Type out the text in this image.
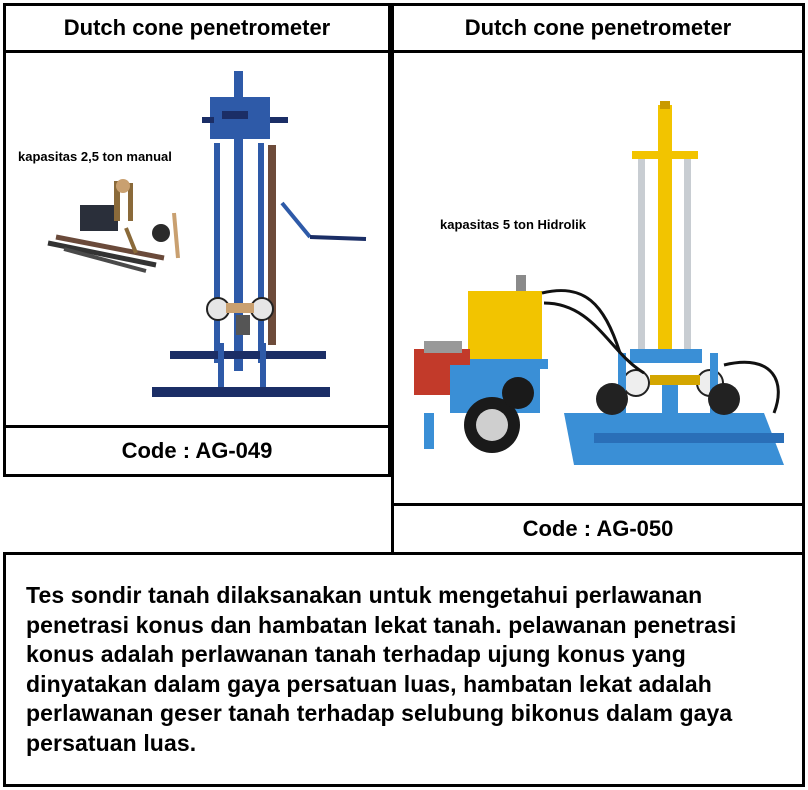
Dutch cone penetrometer	Dutch cone penetrometer
kapasitas 2,5 ton manual
Code : AG-049
kapasitas 5 ton Hidrolik
Code : AG-050
Tes sondir tanah dilaksanakan untuk mengetahui perlawanan penetrasi konus dan hambatan lekat tanah. pelawanan penetrasi konus adalah perlawanan tanah terhadap ujung konus yang dinyatakan dalam gaya persatuan luas, hambatan lekat adalah perlawanan geser tanah terhadap selubung bikonus dalam gaya persatuan luas.
